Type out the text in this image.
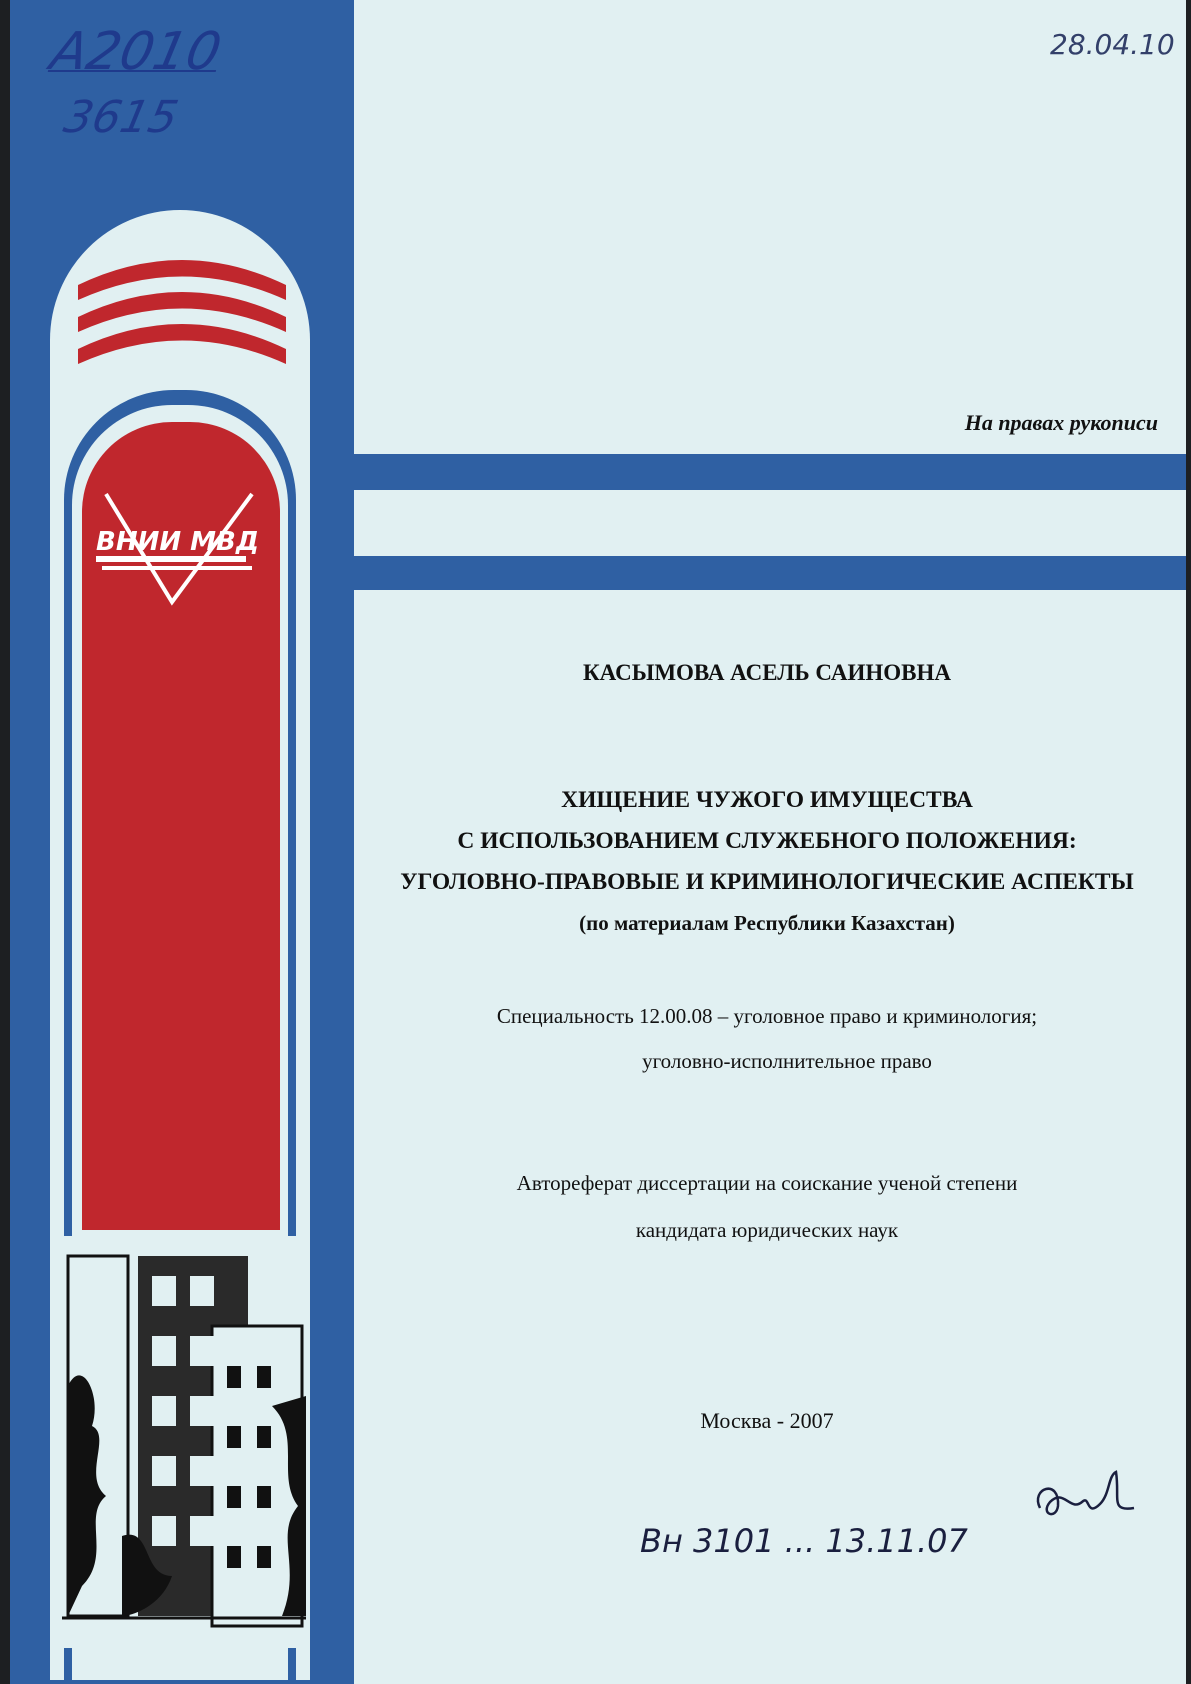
ВНИИ МВД
A2010
3615
28.04.10
Вн 3101 ... 13.11.07
На правах рукописи
КАСЫМОВА АСЕЛЬ САИНОВНА
ХИЩЕНИЕ ЧУЖОГО ИМУЩЕСТВА
С ИСПОЛЬЗОВАНИЕМ СЛУЖЕБНОГО ПОЛОЖЕНИЯ:
УГОЛОВНО-ПРАВОВЫЕ И КРИМИНОЛОГИЧЕСКИЕ АСПЕКТЫ
(по материалам Республики Казахстан)
Специальность 12.00.08 – уголовное право и криминология;
уголовно-исполнительное право
Автореферат диссертации на соискание ученой степени
кандидата юридических наук
Москва - 2007
